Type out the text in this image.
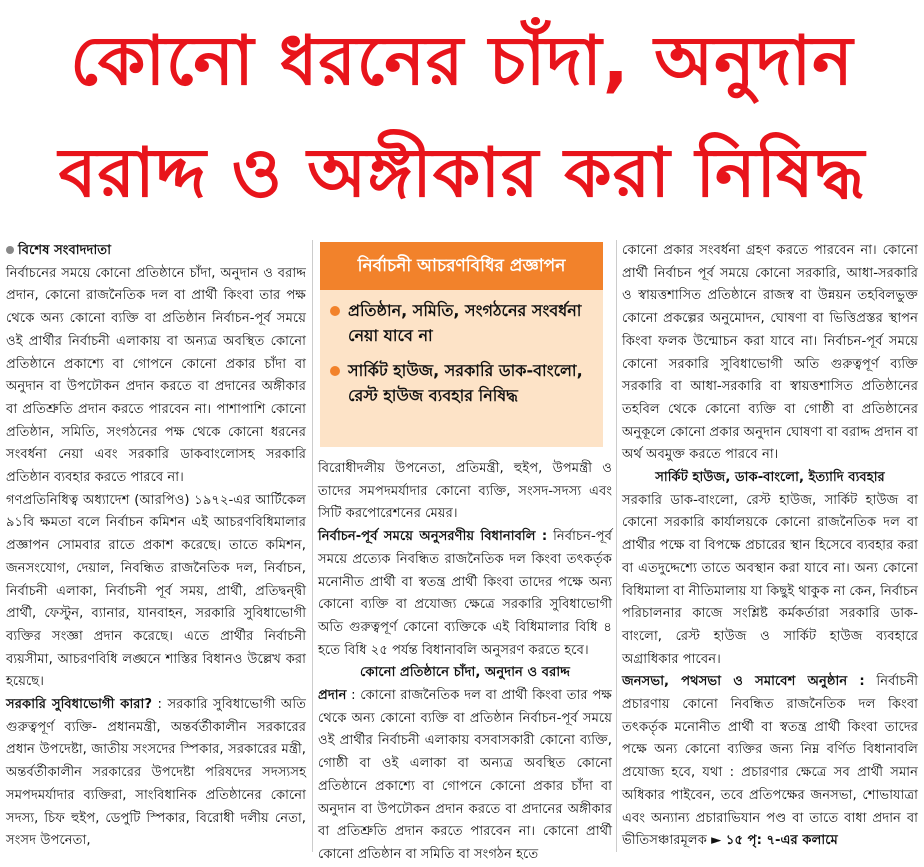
কোনো ধরনের চাঁদা, অনুদান
বরাদ্দ ও অঙ্গীকার করা নিষিদ্ধ

বিশেষ সংবাদদাতা

নির্বাচনের সময়ে কোনো প্রতিষ্ঠানে চাঁদা, অনুদান ও বরাদ্দ প্রদান, কোনো রাজনৈতিক দল বা প্রার্থী কিংবা তার পক্ষ থেকে অন্য কোনো ব্যক্তি বা প্রতিষ্ঠান নির্বাচন-পূর্ব সময়ে ওই প্রার্থীর নির্বাচনী এলাকায় বা অন্যত্র অবস্থিত কোনো প্রতিষ্ঠানে প্রকাশ্যে বা গোপনে কোনো প্রকার চাঁদা বা অনুদান বা উপঢৌকন প্রদান করতে বা প্রদানের অঙ্গীকার বা প্রতিশ্রুতি প্রদান করতে পারবেন না। পাশাপাশি কোনো প্রতিষ্ঠান, সমিতি, সংগঠনের পক্ষ থেকে কোনো ধরনের সংবর্ধনা নেয়া এবং সরকারি ডাকবাংলোসহ সরকারি প্রতিষ্ঠান ব্যবহার করতে পারবে না।

গণপ্রতিনিধিত্ব অধ্যাদেশ (আরপিও) ১৯৭২-এর আর্টিকেল ৯১বি ক্ষমতা বলে নির্বাচন কমিশন এই আচরণবিধিমালার প্রজ্ঞাপন সোমবার রাতে প্রকাশ করেছে। তাতে কমিশন, জনসংযোগ, দেয়াল, নিবন্ধিত রাজনৈতিক দল, নির্বাচন, নির্বাচনী এলাকা, নির্বাচনী পূর্ব সময়, প্রার্থী, প্রতিদ্বন্দ্বী প্রার্থী, ফেস্টুন, ব্যানার, যানবাহন, সরকারি সুবিধাভোগী ব্যক্তির সংজ্ঞা প্রদান করেছে। এতে প্রার্থীর নির্বাচনী ব্যয়সীমা, আচরণবিধি লঙ্ঘনে শাস্তির বিধানও উল্লেখ করা হয়েছে।

সরকারি সুবিধাভোগী কারা? : সরকারি সুবিধাভোগী অতি গুরুত্বপূর্ণ ব্যক্তি- প্রধানমন্ত্রী, অন্তর্বর্তীকালীন সরকারের প্রধান উপদেষ্টা, জাতীয় সংসদের স্পিকার, সরকারের মন্ত্রী, অন্তর্বর্তীকালীন সরকারের উপদেষ্টা পরিষদের সদস্যসহ সমপদমর্যাদার ব্যক্তিরা, সাংবিধানিক প্রতিষ্ঠানের কোনো সদস্য, চিফ হুইপ, ডেপুটি স্পিকার, বিরোধী দলীয় নেতা, সংসদ উপনেতা,

নির্বাচনী আচরণবিধির প্রজ্ঞাপন
প্রতিষ্ঠান, সমিতি, সংগঠনের সংবর্ধনা নেয়া যাবে না
সার্কিট হাউজ, সরকারি ডাক-বাংলো, রেস্ট হাউজ ব্যবহার নিষিদ্ধ

বিরোধীদলীয় উপনেতা, প্রতিমন্ত্রী, হুইপ, উপমন্ত্রী ও তাদের সমপদমর্যাদার কোনো ব্যক্তি, সংসদ-সদস্য এবং সিটি করপোরেশনের মেয়র।

নির্বাচন-পূর্ব সময়ে অনুসরণীয় বিধানাবলি : নির্বাচন-পূর্ব সময়ে প্রত্যেক নিবন্ধিত রাজনৈতিক দল কিংবা তৎকর্তৃক মনোনীত প্রার্থী বা স্বতন্ত্র প্রার্থী কিংবা তাদের পক্ষে অন্য কোনো ব্যক্তি বা প্রযোজ্য ক্ষেত্রে সরকারি সুবিধাভোগী অতি গুরুত্বপূর্ণ কোনো ব্যক্তিকে এই বিধিমালার বিধি ৪ হতে বিধি ২৫ পর্যন্ত বিধানাবলি অনুসরণ করতে হবে।

কোনো প্রতিষ্ঠানে চাঁদা, অনুদান ও বরাদ্দ

প্রদান : কোনো রাজনৈতিক দল বা প্রার্থী কিংবা তার পক্ষ থেকে অন্য কোনো ব্যক্তি বা প্রতিষ্ঠান নির্বাচন-পূর্ব সময়ে ওই প্রার্থীর নির্বাচনী এলাকায় বসবাসকারী কোনো ব্যক্তি, গোষ্ঠী বা ওই এলাকা বা অন্যত্র অবস্থিত কোনো প্রতিষ্ঠানে প্রকাশ্যে বা গোপনে কোনো প্রকার চাঁদা বা অনুদান বা উপঢৌকন প্রদান করতে বা প্রদানের অঙ্গীকার বা প্রতিশ্রুতি প্রদান করতে পারবেন না। কোনো প্রার্থী কোনো প্রতিষ্ঠান বা সমিতি বা সংগঠন হতে

কোনো প্রকার সংবর্ধনা গ্রহণ করতে পারবেন না। কোনো প্রার্থী নির্বাচন পূর্ব সময়ে কোনো সরকারি, আধা-সরকারি ও স্বায়ত্তশাসিত প্রতিষ্ঠানে রাজস্ব বা উন্নয়ন তহবিলভুক্ত কোনো প্রকল্পের অনুমোদন, ঘোষণা বা ভিত্তিপ্রস্তর স্থাপন কিংবা ফলক উন্মোচন করা যাবে না। নির্বাচন-পূর্ব সময়ে কোনো সরকারি সুবিধাভোগী অতি গুরুত্বপূর্ণ ব্যক্তি সরকারি বা আধা-সরকারি বা স্বায়ত্তশাসিত প্রতিষ্ঠানের তহবিল থেকে কোনো ব্যক্তি বা গোষ্ঠী বা প্রতিষ্ঠানের অনুকূলে কোনো প্রকার অনুদান ঘোষণা বা বরাদ্দ প্রদান বা অর্থ অবমুক্ত করতে পারবে না।

সার্কিট হাউজ, ডাক-বাংলো, ইত্যাদি ব্যবহার

সরকারি ডাক-বাংলো, রেস্ট হাউজ, সার্কিট হাউজ বা কোনো সরকারি কার্যালয়কে কোনো রাজনৈতিক দল বা প্রার্থীর পক্ষে বা বিপক্ষে প্রচারের স্থান হিসেবে ব্যবহার করা বা এতদুদ্দেশ্যে তাতে অবস্থান করা যাবে না। অন্য কোনো বিধিমালা বা নীতিমালায় যা কিছুই থাকুক না কেন, নির্বাচন পরিচালনার কাজে সংশ্লিষ্ট কর্মকর্তারা সরকারি ডাক-বাংলো, রেস্ট হাউজ ও সার্কিট হাউজ ব্যবহারে অগ্রাধিকার পাবেন।

জনসভা, পথসভা ও সমাবেশ অনুষ্ঠান : নির্বাচনী প্রচারণায় কোনো নিবন্ধিত রাজনৈতিক দল কিংবা তৎকর্তৃক মনোনীত প্রার্থী বা স্বতন্ত্র প্রার্থী কিংবা তাদের পক্ষে অন্য কোনো ব্যক্তির জন্য নিম্ন বর্ণিত বিধানাবলি প্রযোজ্য হবে, যথা : প্রচারণার ক্ষেত্রে সব প্রার্থী সমান অধিকার পাইবেন, তবে প্রতিপক্ষের জনসভা, শোভাযাত্রা এবং অন্যান্য প্রচারাভিযান পণ্ড বা তাতে বাধা প্রদান বা ভীতিসঞ্চারমূলক ► ১৫ পৃ: ৭-এর কলামে
